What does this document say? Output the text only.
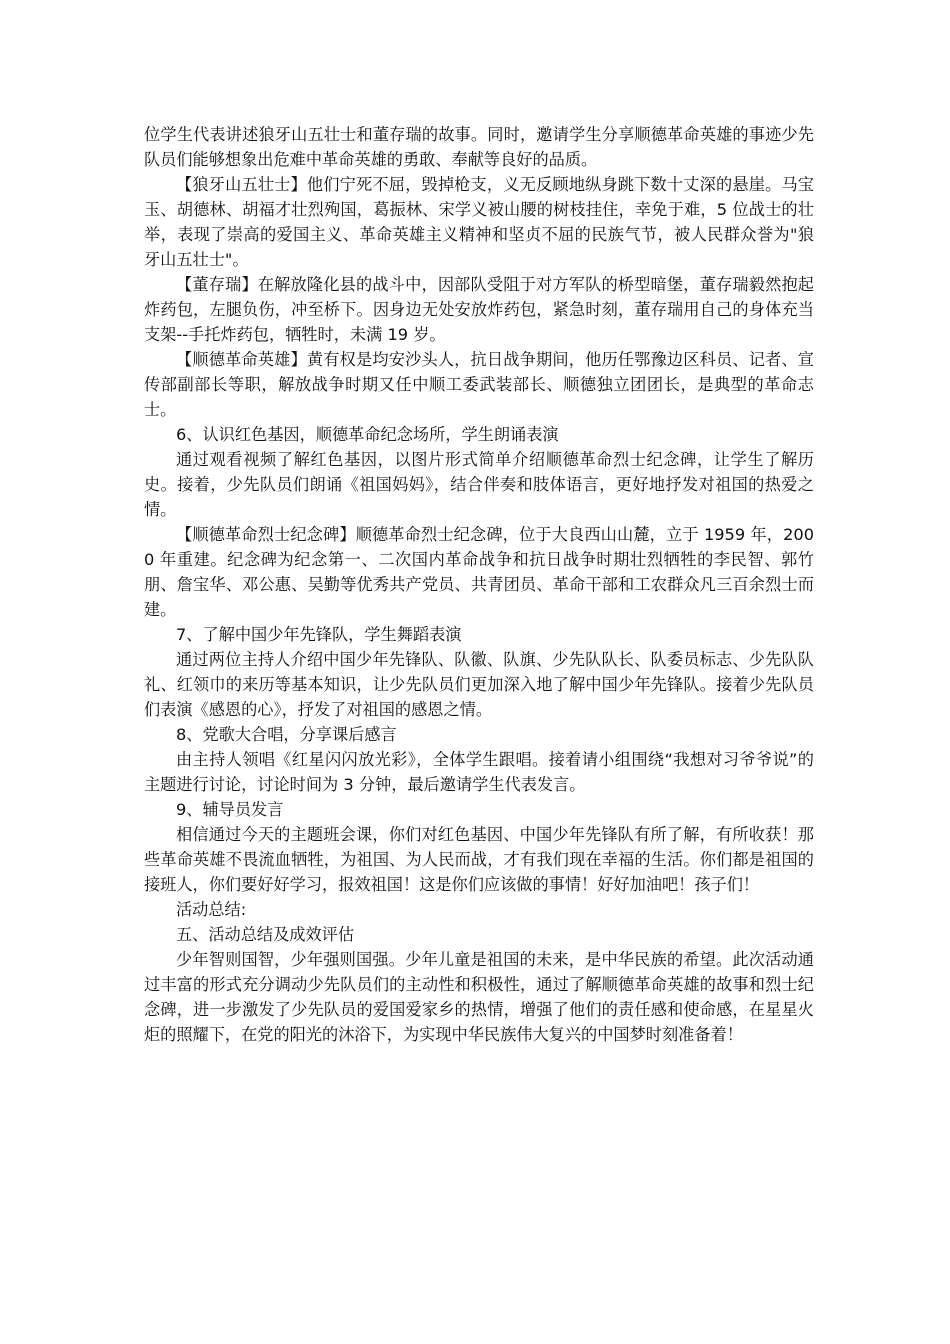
位学生代表讲述狼牙山五壮士和董存瑞的故事。同时，邀请学生分享顺德革命英雄的事迹少先队员们能够想象出危难中革命英雄的勇敢、奉献等良好的品质。

【狼牙山五壮士】他们宁死不屈，毁掉枪支，义无反顾地纵身跳下数十丈深的悬崖。马宝玉、胡德林、胡福才壮烈殉国，葛振林、宋学义被山腰的树枝挂住，幸免于难，5 位战士的壮举，表现了崇高的爱国主义、革命英雄主义精神和坚贞不屈的民族气节，被人民群众誉为"狼牙山五壮士"。

【董存瑞】在解放隆化县的战斗中，因部队受阻于对方军队的桥型暗堡，董存瑞毅然抱起炸药包，左腿负伤，冲至桥下。因身边无处安放炸药包，紧急时刻，董存瑞用自己的身体充当支架--手托炸药包，牺牲时，未满 19 岁。

【顺德革命英雄】黄有权是均安沙头人，抗日战争期间，他历任鄂豫边区科员、记者、宣传部副部长等职，解放战争时期又任中顺工委武装部长、顺德独立团团长，是典型的革命志士。

6、认识红色基因，顺德革命纪念场所，学生朗诵表演

通过观看视频了解红色基因，以图片形式简单介绍顺德革命烈士纪念碑，让学生了解历史。接着，少先队员们朗诵《祖国妈妈》，结合伴奏和肢体语言，更好地抒发对祖国的热爱之情。

【顺德革命烈士纪念碑】顺德革命烈士纪念碑，位于大良西山山麓，立于 1959 年，2000 年重建。纪念碑为纪念第一、二次国内革命战争和抗日战争时期壮烈牺牲的李民智、郭竹朋、詹宝华、邓公惠、吴勤等优秀共产党员、共青团员、革命干部和工农群众凡三百余烈士而建。

7、了解中国少年先锋队，学生舞蹈表演

通过两位主持人介绍中国少年先锋队、队徽、队旗、少先队队长、队委员标志、少先队队礼、红领巾的来历等基本知识，让少先队员们更加深入地了解中国少年先锋队。接着少先队员们表演《感恩的心》，抒发了对祖国的感恩之情。

8、党歌大合唱，分享课后感言

由主持人领唱《红星闪闪放光彩》，全体学生跟唱。接着请小组围绕“我想对习爷爷说”的主题进行讨论，讨论时间为 3 分钟，最后邀请学生代表发言。

9、辅导员发言

相信通过今天的主题班会课，你们对红色基因、中国少年先锋队有所了解，有所收获！那些革命英雄不畏流血牺牲，为祖国、为人民而战，才有我们现在幸福的生活。你们都是祖国的接班人，你们要好好学习，报效祖国！这是你们应该做的事情！好好加油吧！孩子们！

活动总结:

五、活动总结及成效评估

少年智则国智，少年强则国强。少年儿童是祖国的未来，是中华民族的希望。此次活动通过丰富的形式充分调动少先队员们的主动性和积极性，通过了解顺德革命英雄的故事和烈士纪念碑，进一步激发了少先队员的爱国爱家乡的热情，增强了他们的责任感和使命感，在星星火炬的照耀下，在党的阳光的沐浴下，为实现中华民族伟大复兴的中国梦时刻准备着！
